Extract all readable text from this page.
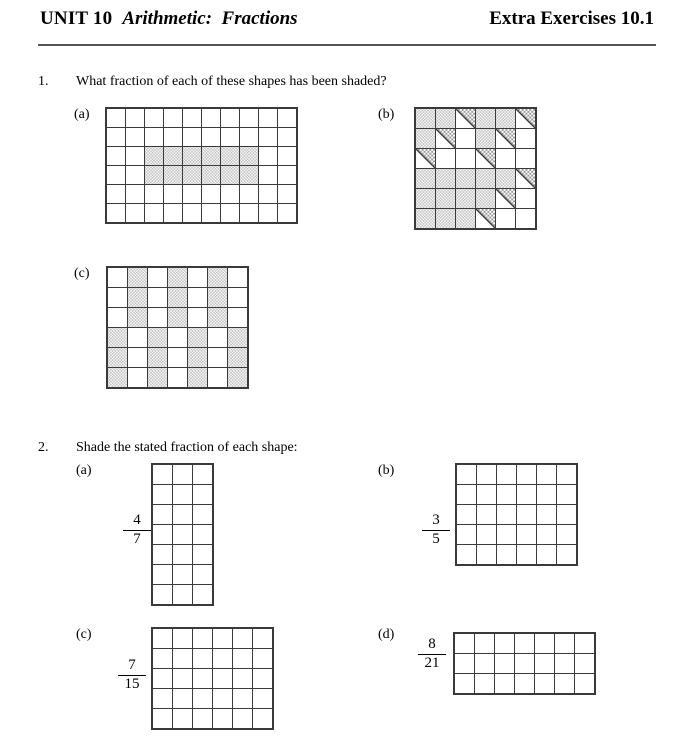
UNIT 10 Arithmetic:  Fractions	Extra Exercises 10.1
1. What fraction of each of these shapes has been shaded?
(a)	(b)
(c)
2. Shade the stated fraction of each shape:
(a)
4
7
(b)
3
5
(c)
7
15
(d)
8
21
